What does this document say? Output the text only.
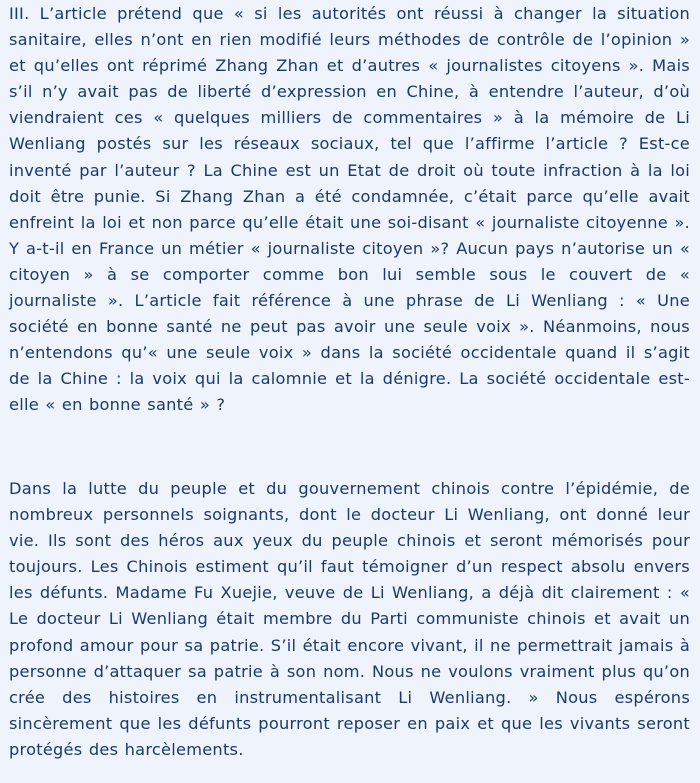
III. L’article prétend que « si les autorités ont réussi à changer la situation sanitaire, elles n’ont en rien modifié leurs méthodes de contrôle de l’opinion » et qu’elles ont réprimé Zhang Zhan et d’autres « journalistes citoyens ». Mais s’il n’y avait pas de liberté d’expression en Chine, à entendre l’auteur, d’où viendraient ces « quelques milliers de commentaires » à la mémoire de Li Wenliang postés sur les réseaux sociaux, tel que l’affirme l’article ? Est-ce inventé par l’auteur ? La Chine est un Etat de droit où toute infraction à la loi doit être punie. Si Zhang Zhan a été condamnée, c’était parce qu’elle avait enfreint la loi et non parce qu’elle était une soi-disant « journaliste citoyenne ». Y a-t-il en France un métier « journaliste citoyen »? Aucun pays n’autorise un « citoyen » à se comporter comme bon lui semble sous le couvert de « journaliste ». L’article fait référence à une phrase de Li Wenliang : « Une société en bonne santé ne peut pas avoir une seule voix ». Néanmoins, nous n’entendons qu’« une seule voix » dans la société occidentale quand il s’agit de la Chine : la voix qui la calomnie et la dénigre. La société occidentale est-elle « en bonne santé » ?

Dans la lutte du peuple et du gouvernement chinois contre l’épidémie, de nombreux personnels soignants, dont le docteur Li Wenliang, ont donné leur vie. Ils sont des héros aux yeux du peuple chinois et seront mémorisés pour toujours. Les Chinois estiment qu’il faut témoigner d’un respect absolu envers les défunts. Madame Fu Xuejie, veuve de Li Wenliang, a déjà dit clairement : « Le docteur Li Wenliang était membre du Parti communiste chinois et avait un profond amour pour sa patrie. S’il était encore vivant, il ne permettrait jamais à personne d’attaquer sa patrie à son nom. Nous ne voulons vraiment plus qu’on crée des histoires en instrumentalisant Li Wenliang. » Nous espérons sincèrement que les défunts pourront reposer en paix et que les vivants seront protégés des harcèlements.
